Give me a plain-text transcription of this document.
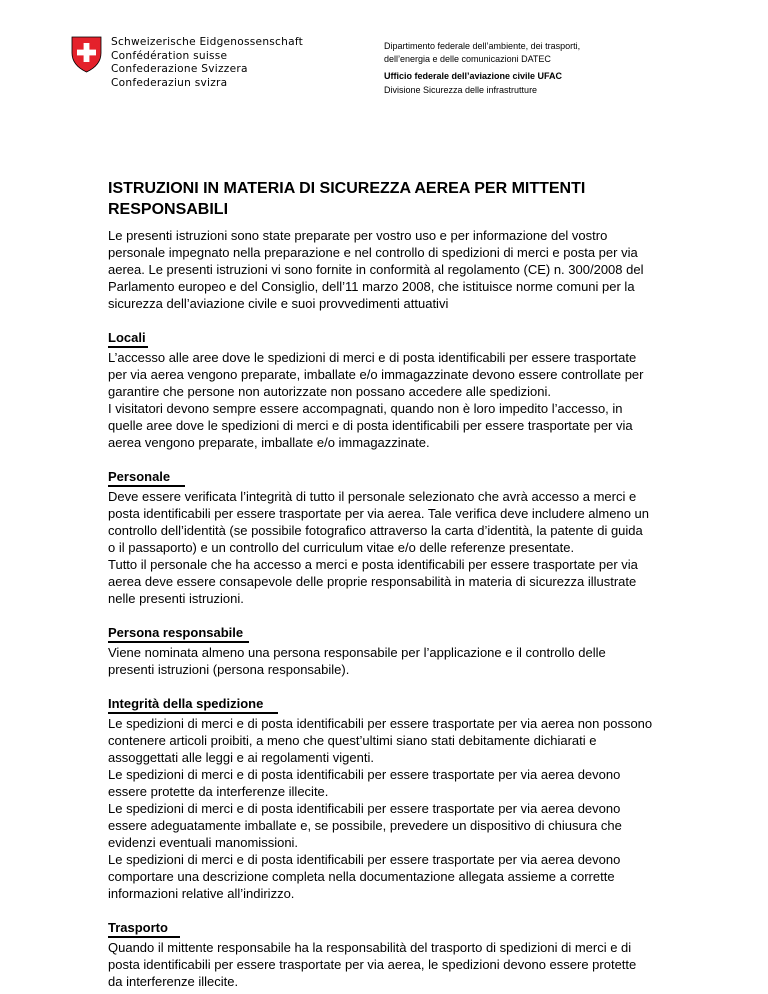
Schweizerische Eidgenossenschaft
Confédération suisse
Confederazione Svizzera
Confederaziun svizra
Dipartimento federale dell’ambiente, dei trasporti,
dell’energia e delle comunicazioni DATEC
Ufficio federale dell’aviazione civile UFAC
Divisione Sicurezza delle infrastrutture
ISTRUZIONI IN MATERIA DI SICUREZZA AEREA PER MITTENTI RESPONSABILI

Le presenti istruzioni sono state preparate per vostro uso e per informazione del vostro personale impegnato nella preparazione e nel controllo di spedizioni di merci e posta per via aerea. Le presenti istruzioni vi sono fornite in conformità al regolamento (CE) n. 300/2008 del Parlamento europeo e del Consiglio, dell’11 marzo 2008, che istituisce norme comuni per la sicurezza dell’aviazione civile e suoi provvedimenti attuativi

Locali

L’accesso alle aree dove le spedizioni di merci e di posta identificabili per essere trasportate per via aerea vengono preparate, imballate e/o immagazzinate devono essere controllate per garantire che persone non autorizzate non possano accedere alle spedizioni.

I visitatori devono sempre essere accompagnati, quando non è loro impedito l’accesso, in quelle aree dove le spedizioni di merci e di posta identificabili per essere trasportate per via aerea vengono preparate, imballate e/o immagazzinate.

Personale

Deve essere verificata l’integrità di tutto il personale selezionato che avrà accesso a merci e posta identificabili per essere trasportate per via aerea. Tale verifica deve includere almeno un controllo dell’identità (se possibile fotografico attraverso la carta d’identità, la patente di guida o il passaporto) e un controllo del curriculum vitae e/o delle referenze presentate.

Tutto il personale che ha accesso a merci e posta identificabili per essere trasportate per via aerea deve essere consapevole delle proprie responsabilità in materia di sicurezza illustrate nelle presenti istruzioni.

Persona responsabile

Viene nominata almeno una persona responsabile per l’applicazione e il controllo delle presenti istruzioni (persona responsabile).

Integrità della spedizione

Le spedizioni di merci e di posta identificabili per essere trasportate per via aerea non possono contenere articoli proibiti, a meno che quest’ultimi siano stati debitamente dichiarati e assoggettati alle leggi e ai regolamenti vigenti.

Le spedizioni di merci e di posta identificabili per essere trasportate per via aerea devono essere protette da interferenze illecite.

Le spedizioni di merci e di posta identificabili per essere trasportate per via aerea devono essere adeguatamente imballate e, se possibile, prevedere un dispositivo di chiusura che evidenzi eventuali manomissioni.

Le spedizioni di merci e di posta identificabili per essere trasportate per via aerea devono comportare una descrizione completa nella documentazione allegata assieme a corrette informazioni relative all’indirizzo.

Trasporto

Quando il mittente responsabile ha la responsabilità del trasporto di spedizioni di merci e di posta identificabili per essere trasportate per via aerea, le spedizioni devono essere protette da interferenze illecite.
